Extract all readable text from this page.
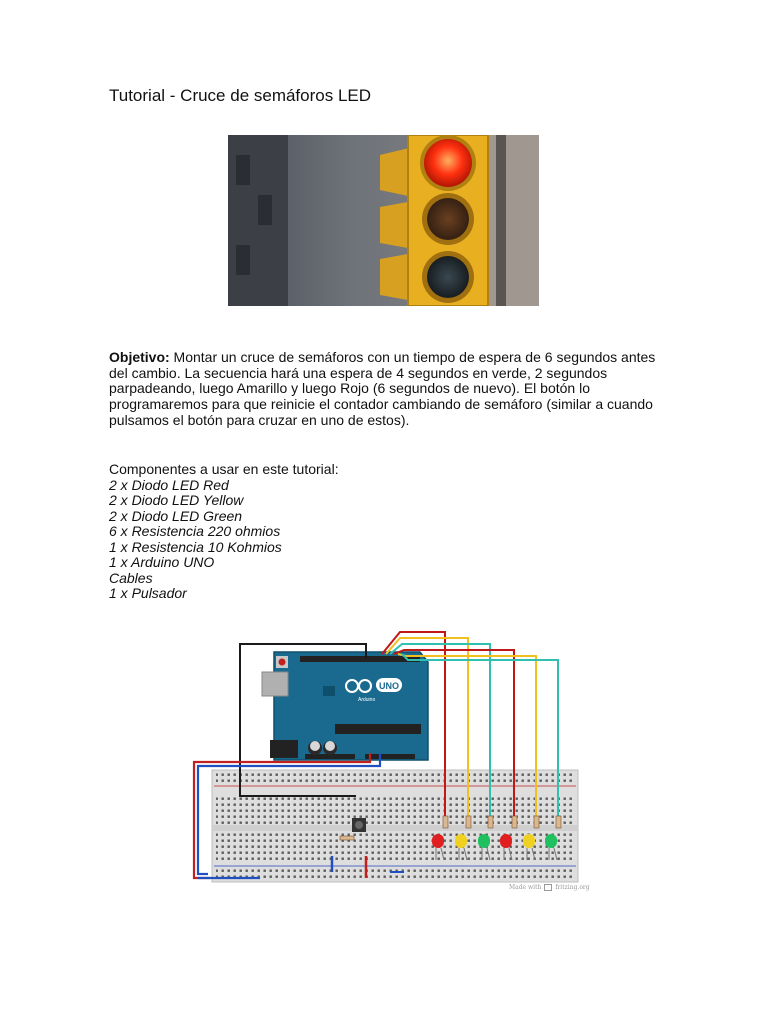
Tutorial - Cruce de semáforos LED

Objetivo: Montar un cruce de semáforos con un tiempo de espera de 6 segundos antes del cambio. La secuencia hará una espera de 4 segundos en verde, 2 segundos parpadeando, luego Amarillo y luego Rojo (6 segundos de nuevo). El botón lo programaremos para que reinicie el contador cambiando de semáforo (similar a cuando pulsamos el botón para cruzar en uno de estos).

Componentes a usar en este tutorial:
2 x Diodo LED Red
2 x Diodo LED Yellow
2 x Diodo LED Green
6 x Resistencia 220 ohmios
1 x Resistencia 10 Kohmios
1 x Arduino UNO
Cables
1 x Pulsador
UNO
Arduino
Made with fritzing.org
